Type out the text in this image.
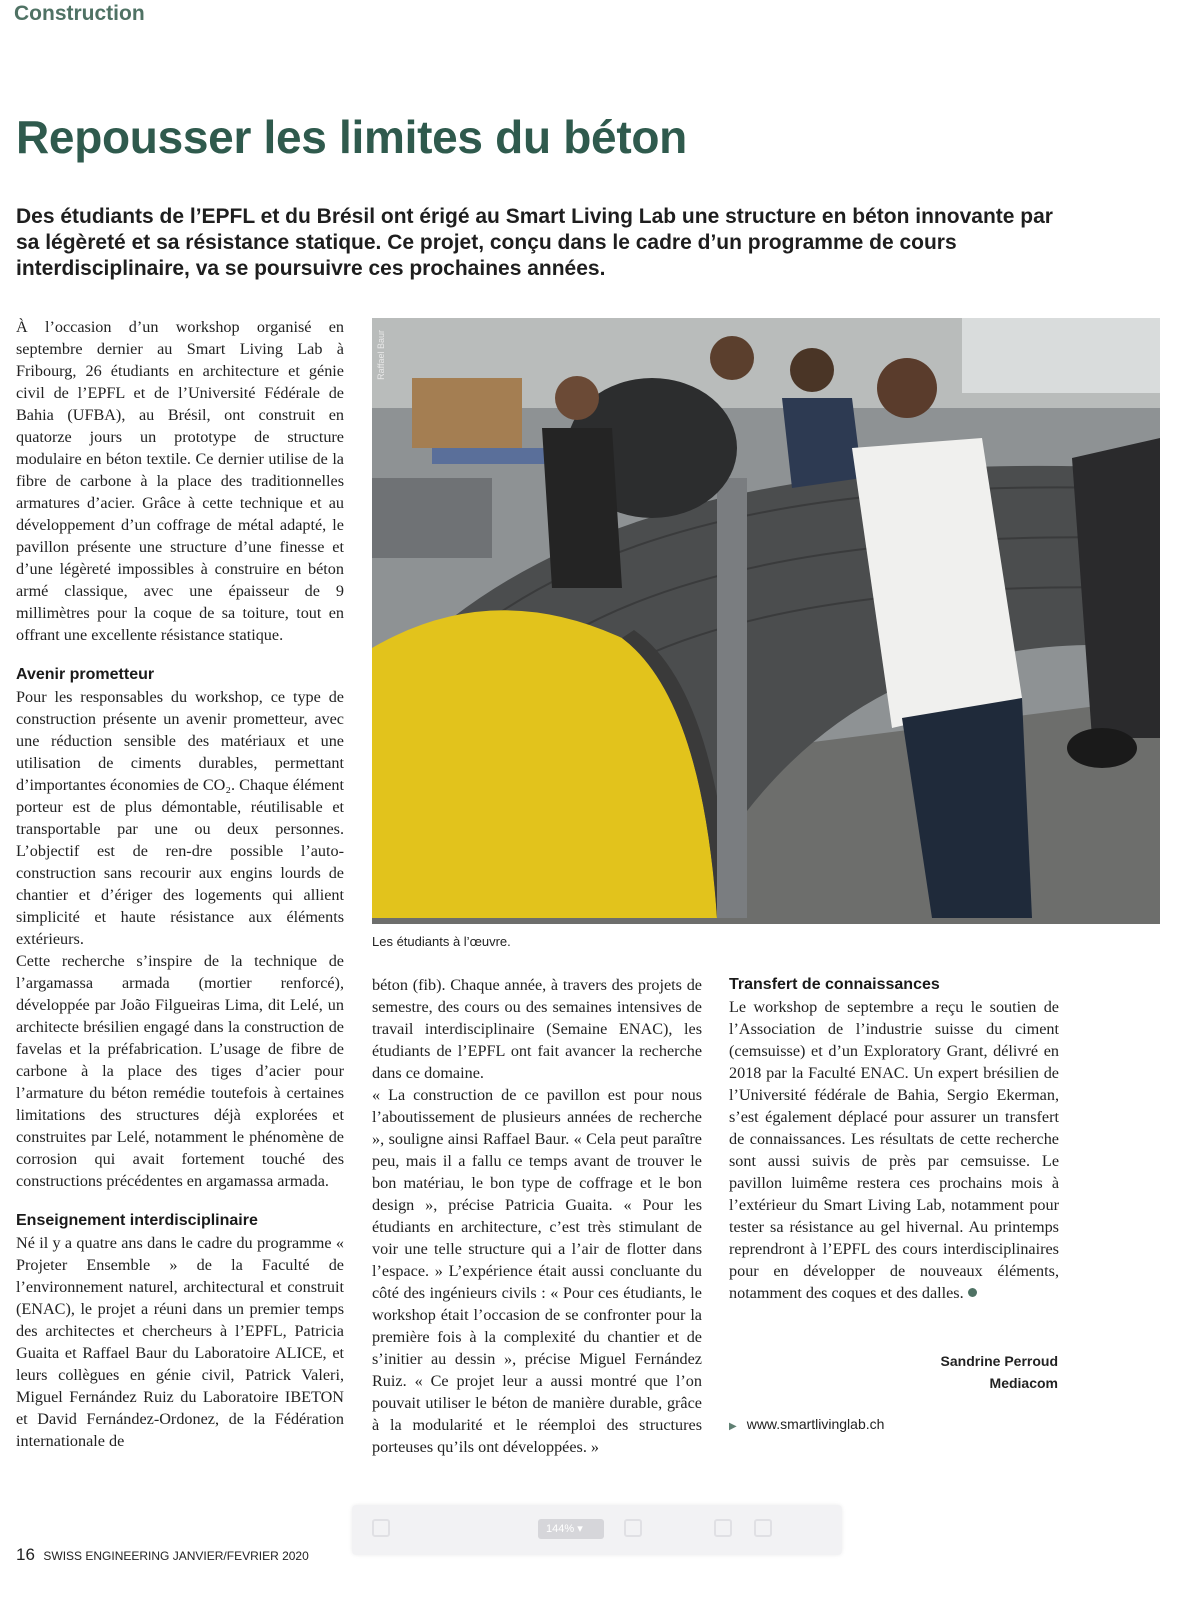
Construction
Repousser les limites du béton

Des étudiants de l’EPFL et du Brésil ont érigé au Smart Living Lab une structure en béton innovante par sa légèreté et sa résistance statique. Ce projet, conçu dans le cadre d’un programme de cours interdisciplinaire, va se poursuivre ces prochaines années.

À l’occasion d’un workshop organisé en septembre dernier au Smart Living Lab à Fribourg, 26 étudiants en architecture et génie civil de l’EPFL et de l’Université Fédérale de Bahia (UFBA), au Brésil, ont construit en quatorze jours un prototype de structure modulaire en béton textile. Ce dernier utilise de la fibre de carbone à la place des traditionnelles armatures d’acier. Grâce à cette technique et au développement d’un coffrage de métal adapté, le pavillon présente une structure d’une finesse et d’une légèreté impossibles à construire en béton armé classique, avec une épaisseur de 9 millimètres pour la coque de sa toiture, tout en offrant une excellente résistance statique.

Avenir prometteur

Pour les responsables du workshop, ce type de construction présente un avenir prometteur, avec une réduction sensible des matériaux et une utilisation de ciments durables, permettant d’importantes économies de CO₂. Chaque élément porteur est de plus démontable, réutilisable et transportable par une ou deux personnes. L’objectif est de ren-dre possible l’auto-construction sans recourir aux engins lourds de chantier et d’ériger des logements qui allient simplicité et haute résistance aux éléments extérieurs.

Cette recherche s’inspire de la technique de l’argamassa armada (mortier renforcé), développée par João Filgueiras Lima, dit Lelé, un architecte brésilien engagé dans la construction de favelas et la préfabrication. L’usage de fibre de carbone à la place des tiges d’acier pour l’armature du béton remédie toutefois à certaines limitations des structures déjà explorées et construites par Lelé, notamment le phénomène de corrosion qui avait fortement touché des constructions précédentes en argamassa armada.

Enseignement interdisciplinaire

Né il y a quatre ans dans le cadre du programme « Projeter Ensemble » de la Faculté de l’environnement naturel, architectural et construit (ENAC), le projet a réuni dans un premier temps des architectes et chercheurs à l’EPFL, Patricia Guaita et Raffael Baur du Laboratoire ALICE, et leurs collègues en génie civil, Patrick Valeri, Miguel Fernández Ruiz du Laboratoire IBETON et David Fernández-Ordonez, de la Fédération internationale de

Raffael Baur
Les étudiants à l’œuvre.

béton (fib). Chaque année, à travers des projets de semestre, des cours ou des semaines intensives de travail interdisciplinaire (Semaine ENAC), les étudiants de l’EPFL ont fait avancer la recherche dans ce domaine.

« La construction de ce pavillon est pour nous l’aboutissement de plusieurs années de recherche », souligne ainsi Raffael Baur. « Cela peut paraître peu, mais il a fallu ce temps avant de trouver le bon matériau, le bon type de coffrage et le bon design », précise Patricia Guaita. « Pour les étudiants en architecture, c’est très stimulant de voir une telle structure qui a l’air de flotter dans l’espace. » L’expérience était aussi concluante du côté des ingénieurs civils : « Pour ces étudiants, le workshop était l’occasion de se confronter pour la première fois à la complexité du chantier et de s’initier au dessin », précise Miguel Fernández Ruiz. « Ce projet leur a aussi montré que l’on pouvait utiliser le béton de manière durable, grâce à la modularité et le réemploi des structures porteuses qu’ils ont développées. »

Transfert de connaissances

Le workshop de septembre a reçu le soutien de l’Association de l’industrie suisse du ciment (cemsuisse) et d’un Exploratory Grant, délivré en 2018 par la Faculté ENAC. Un expert brésilien de l’Université fédérale de Bahia, Sergio Ekerman, s’est également déplacé pour assurer un transfert de connaissances. Les résultats de cette recherche sont aussi suivis de près par cemsuisse. Le pavillon luimême restera ces prochains mois à l’extérieur du Smart Living Lab, notamment pour tester sa résistance au gel hivernal. Au printemps reprendront à l’EPFL des cours interdisciplinaires pour en développer de nouveaux éléments, notamment des coques et des dalles.

Sandrine Perroud
Mediacom
▶ www.smartlivinglab.ch
144% ▾
16 SWISS ENGINEERING JANVIER/FEVRIER 2020
